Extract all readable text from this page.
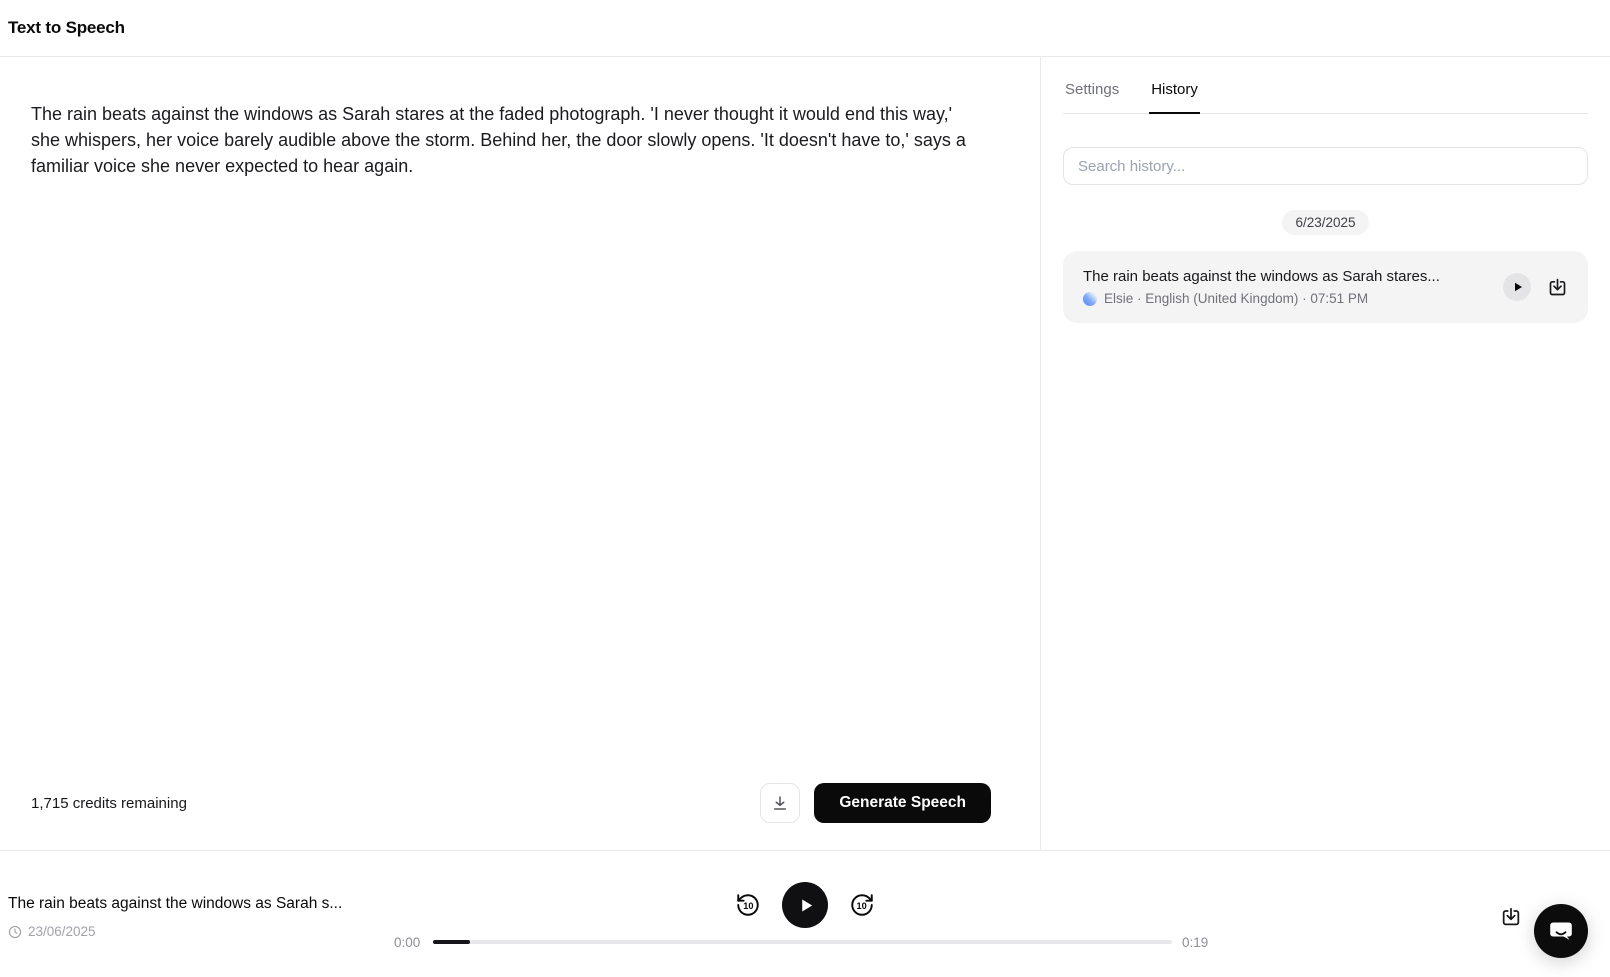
Text to Speech
The rain beats against the windows as Sarah stares at the faded photograph. 'I never thought it would end this way,' she whispers, her voice barely audible above the storm. Behind her, the door slowly opens. 'It doesn't have to,' says a familiar voice she never expected to hear again.
1,715 credits remaining	Generate Speech
Settings History
Search history...
6/23/2025
The rain beats against the windows as Sarah stares...
Elsie · English (United Kingdom) · 07:51 PM
The rain beats against the windows as Sarah s...
23/06/2025
10	10
0:00	0:19
